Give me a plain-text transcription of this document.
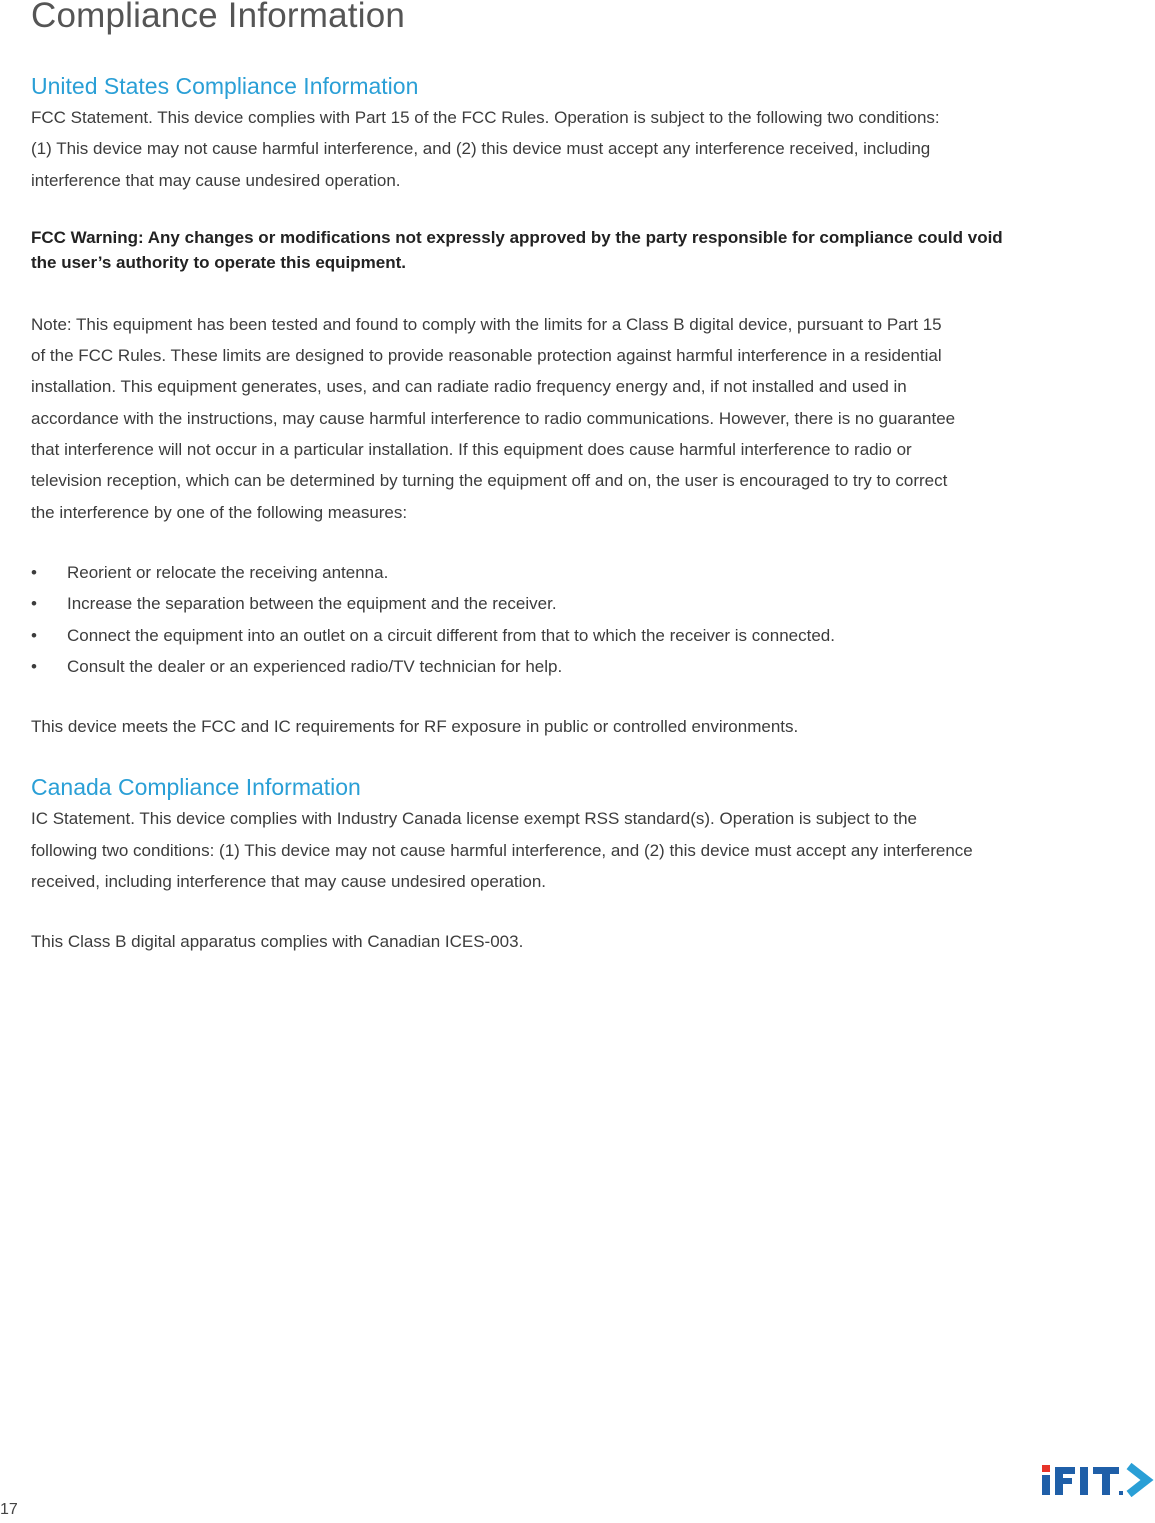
Compliance Information
United States Compliance Information

FCC Statement. This device complies with Part 15 of the FCC Rules. Operation is subject to the following two conditions:

(1) This device may not cause harmful interference, and (2) this device must accept any interference received, including

interference that may cause undesired operation.

FCC Warning: Any changes or modifications not expressly approved by the party responsible for compliance could void

the user’s authority to operate this equipment.

Note: This equipment has been tested and found to comply with the limits for a Class B digital device, pursuant to Part 15

of the FCC Rules. These limits are designed to provide reasonable protection against harmful interference in a residential

installation. This equipment generates, uses, and can radiate radio frequency energy and, if not installed and used in

accordance with the instructions, may cause harmful interference to radio communications. However, there is no guarantee

that interference will not occur in a particular installation. If this equipment does cause harmful interference to radio or

television reception, which can be determined by turning the equipment off and on, the user is encouraged to try to correct

the interference by one of the following measures:

• Reorient or relocate the receiving antenna.
• Increase the separation between the equipment and the receiver.
• Connect the equipment into an outlet on a circuit different from that to which the receiver is connected.
• Consult the dealer or an experienced radio/TV technician for help.

This device meets the FCC and IC requirements for RF exposure in public or controlled environments.

Canada Compliance Information

IC Statement. This device complies with Industry Canada license exempt RSS standard(s). Operation is subject to the

following two conditions: (1) This device may not cause harmful interference, and (2) this device must accept any interference

received, including interference that may cause undesired operation.

This Class B digital apparatus complies with Canadian ICES-003.

17
